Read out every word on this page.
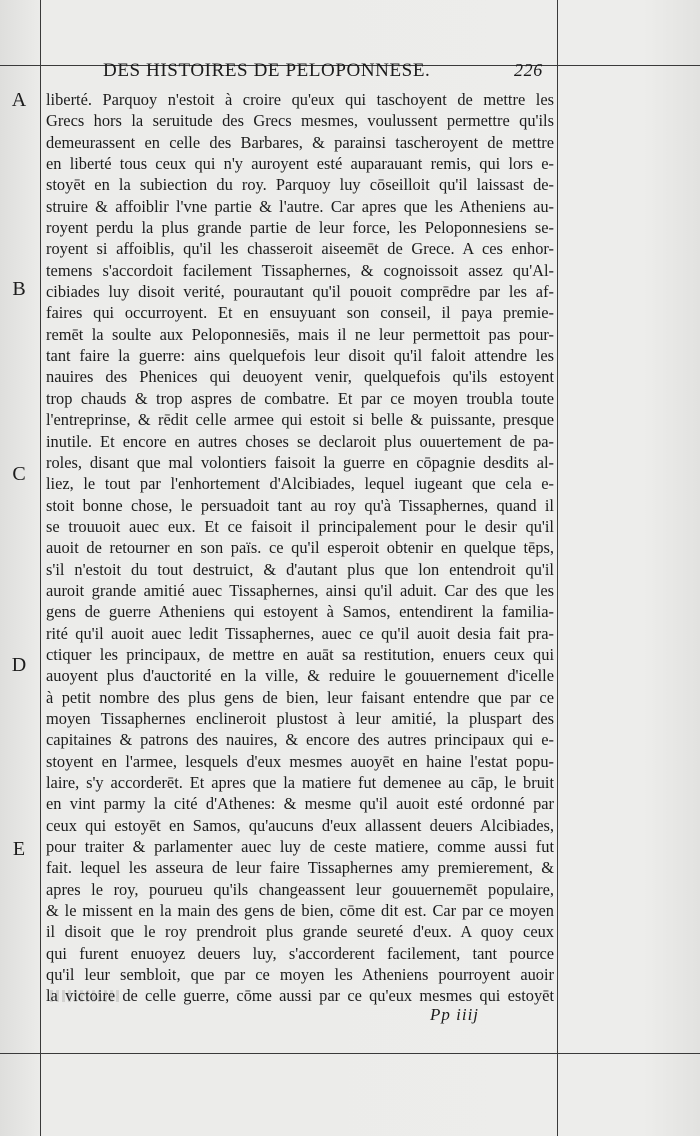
DES HISTOIRES DE PELOPONNESE.	226
A
B
C
D
E
liberté. Parquoy n'estoit à croire qu'eux qui taschoyent de mettre les
Grecs hors la seruitude des Grecs mesmes, voulussent permettre qu'ils
demeurassent en celle des Barbares, & parainsi tascheroyent de mettre
en liberté tous ceux qui n'y auroyent esté auparauant remis, qui lors e-
stoyēt en la subiection du roy. Parquoy luy cōseilloit qu'il laissast de-
struire & affoiblir l'vne partie & l'autre. Car apres que les Atheniens au-
royent perdu la plus grande partie de leur force, les Peloponnesiens se-
royent si affoiblis, qu'il les chasseroit aiseemēt de Grece. A ces enhor-
temens s'accordoit facilement Tissaphernes, & cognoissoit assez qu'Al-
cibiades luy disoit verité, pourautant qu'il pouoit comprēdre par les af-
faires qui occurroyent. Et en ensuyuant son conseil, il paya premie-
remēt la soulte aux Peloponnesiēs, mais il ne leur permettoit pas pour-
tant faire la guerre: ains quelquefois leur disoit qu'il faloit attendre les
nauires des Phenices qui deuoyent venir, quelquefois qu'ils estoyent
trop chauds & trop aspres de combatre. Et par ce moyen troubla toute
l'entreprinse, & rēdit celle armee qui estoit si belle & puissante, presque
inutile. Et encore en autres choses se declaroit plus ouuertement de pa-
roles, disant que mal volontiers faisoit la guerre en cōpagnie desdits al-
liez, le tout par l'enhortement d'Alcibiades, lequel iugeant que cela e-
stoit bonne chose, le persuadoit tant au roy qu'à Tissaphernes, quand il
se trouuoit auec eux. Et ce faisoit il principalement pour le desir qu'il
auoit de retourner en son païs. ce qu'il esperoit obtenir en quelque tēps,
s'il n'estoit du tout destruict, & d'autant plus que lon entendroit qu'il
auroit grande amitié auec Tissaphernes, ainsi qu'il aduit. Car des que les
gens de guerre Atheniens qui estoyent à Samos, entendirent la familia-
rité qu'il auoit auec ledit Tissaphernes, auec ce qu'il auoit desia fait pra-
ctiquer les principaux, de mettre en auāt sa restitution, enuers ceux qui
auoyent plus d'auctorité en la ville, & reduire le gouuernement d'icelle
à petit nombre des plus gens de bien, leur faisant entendre que par ce
moyen Tissaphernes enclineroit plustost à leur amitié, la pluspart des
capitaines & patrons des nauires, & encore des autres principaux qui e-
stoyent en l'armee, lesquels d'eux mesmes auoyēt en haine l'estat popu-
laire, s'y accorderēt. Et apres que la matiere fut demenee au cāp, le bruit
en vint parmy la cité d'Athenes: & mesme qu'il auoit esté ordonné par
ceux qui estoyēt en Samos, qu'aucuns d'eux allassent deuers Alcibiades,
pour traiter & parlamenter auec luy de ceste matiere, comme aussi fut
fait. lequel les asseura de leur faire Tissaphernes amy premierement, &
apres le roy, pourueu qu'ils changeassent leur gouuernemēt populaire,
& le missent en la main des gens de bien, cōme dit est. Car par ce moyen
il disoit que le roy prendroit plus grande seureté d'eux. A quoy ceux
qui furent enuoyez deuers luy, s'accorderent facilement, tant pource
qu'il leur sembloit, que par ce moyen les Atheniens pourroyent auoir
la victoire de celle guerre, cōme aussi par ce qu'eux mesmes qui estoyēt
Pp iiij
